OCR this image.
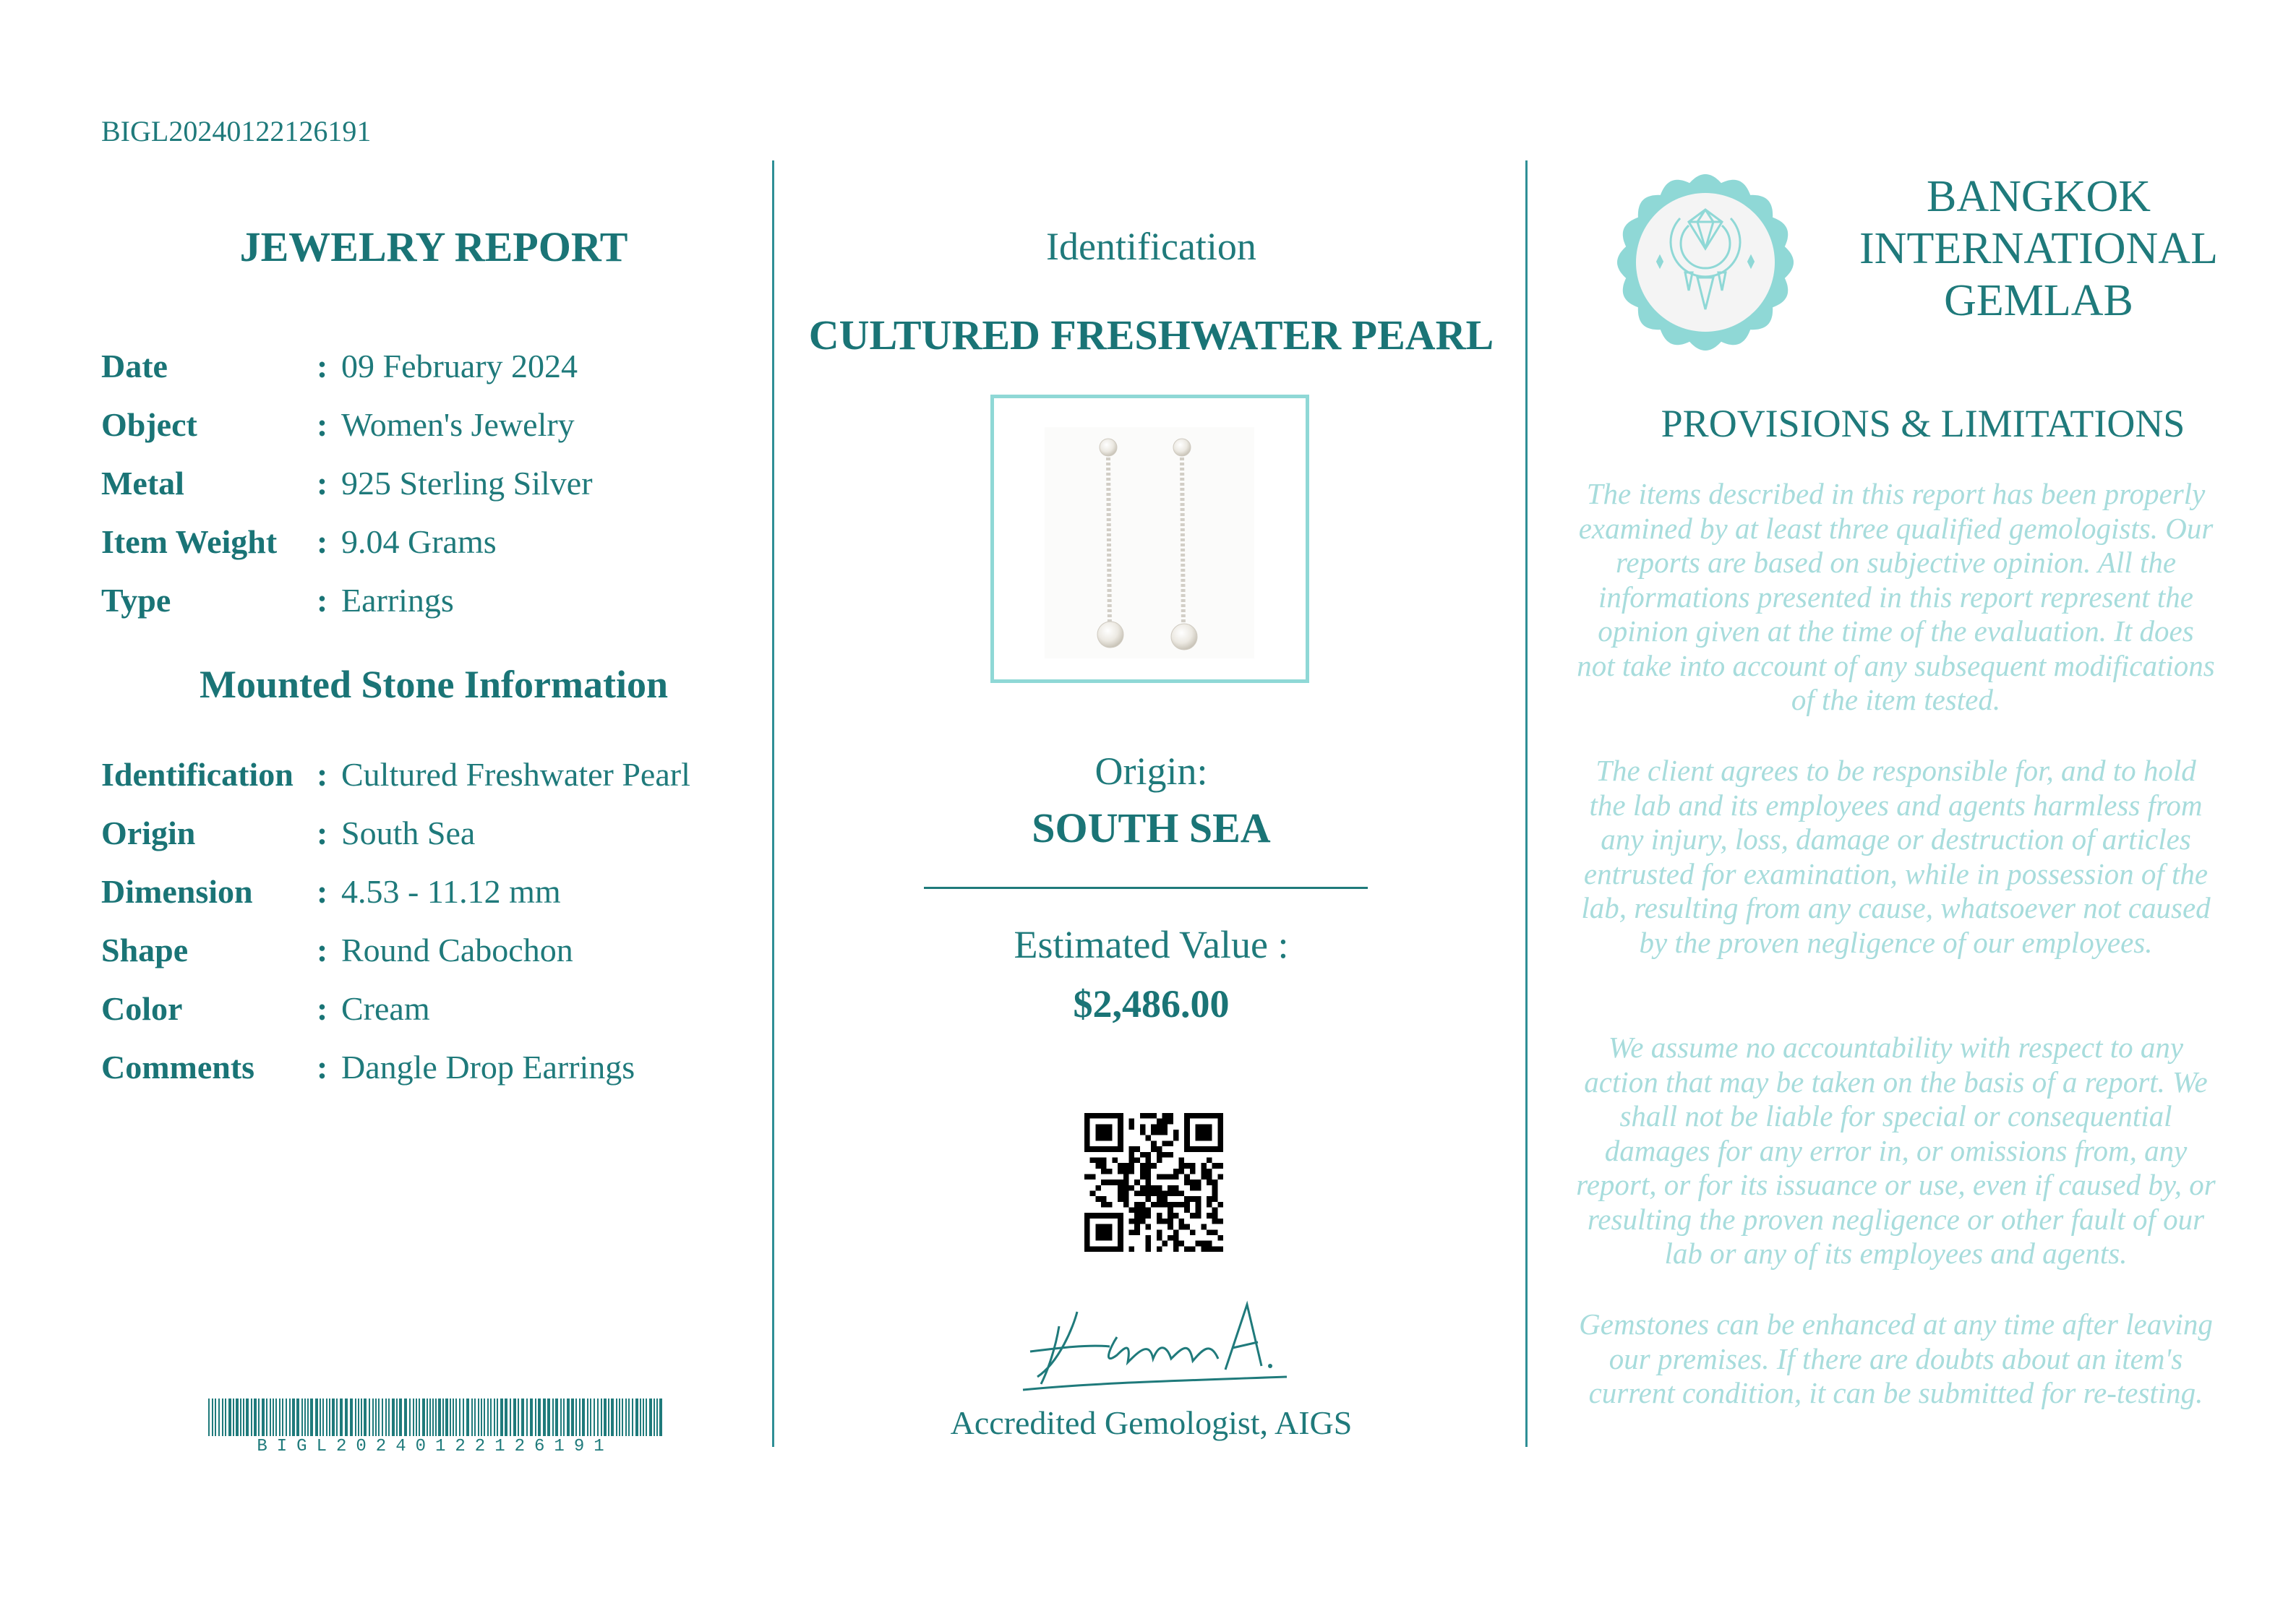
BIGL20240122126191
JEWELRY REPORT
Date	: 09 February 2024
Object	: Women's Jewelry
Metal	: 925 Sterling Silver
Item Weight : 9.04 Grams
Type	: Earrings
Mounted Stone Information
Identification : Cultured Freshwater Pearl
Origin	: South Sea
Dimension : 4.53 - 11.12 mm
Shape	: Round Cabochon
Color	: Cream
Comments : Dangle Drop Earrings
BIGL20240122126191
Identification
CULTURED FRESHWATER PEARL
Origin:
SOUTH SEA
Estimated Value :
$2,486.00
Accredited Gemologist, AIGS
BANGKOK
INTERNATIONAL
GEMLAB
PROVISIONS & LIMITATIONS
The items described in this report has been properly examined by at least three qualified gemologists. Our reports are based on subjective opinion. All the informations presented in this report represent the opinion given at the time of the evaluation. It does not take into account of any subsequent modifications of the item tested.
The client agrees to be responsible for, and to hold the lab and its employees and agents harmless from any injury, loss, damage or destruction of articles entrusted for examination, while in possession of the lab, resulting from any cause, whatsoever not caused by the proven negligence of our employees.
We assume no accountability with respect to any action that may be taken on the basis of a report. We shall not be liable for special or consequential damages for any error in, or omissions from, any report, or for its issuance or use, even if caused by, or resulting the proven negligence or other fault of our lab or any of its employees and agents.
Gemstones can be enhanced at any time after leaving our premises. If there are doubts about an item's current condition, it can be submitted for re-testing.
